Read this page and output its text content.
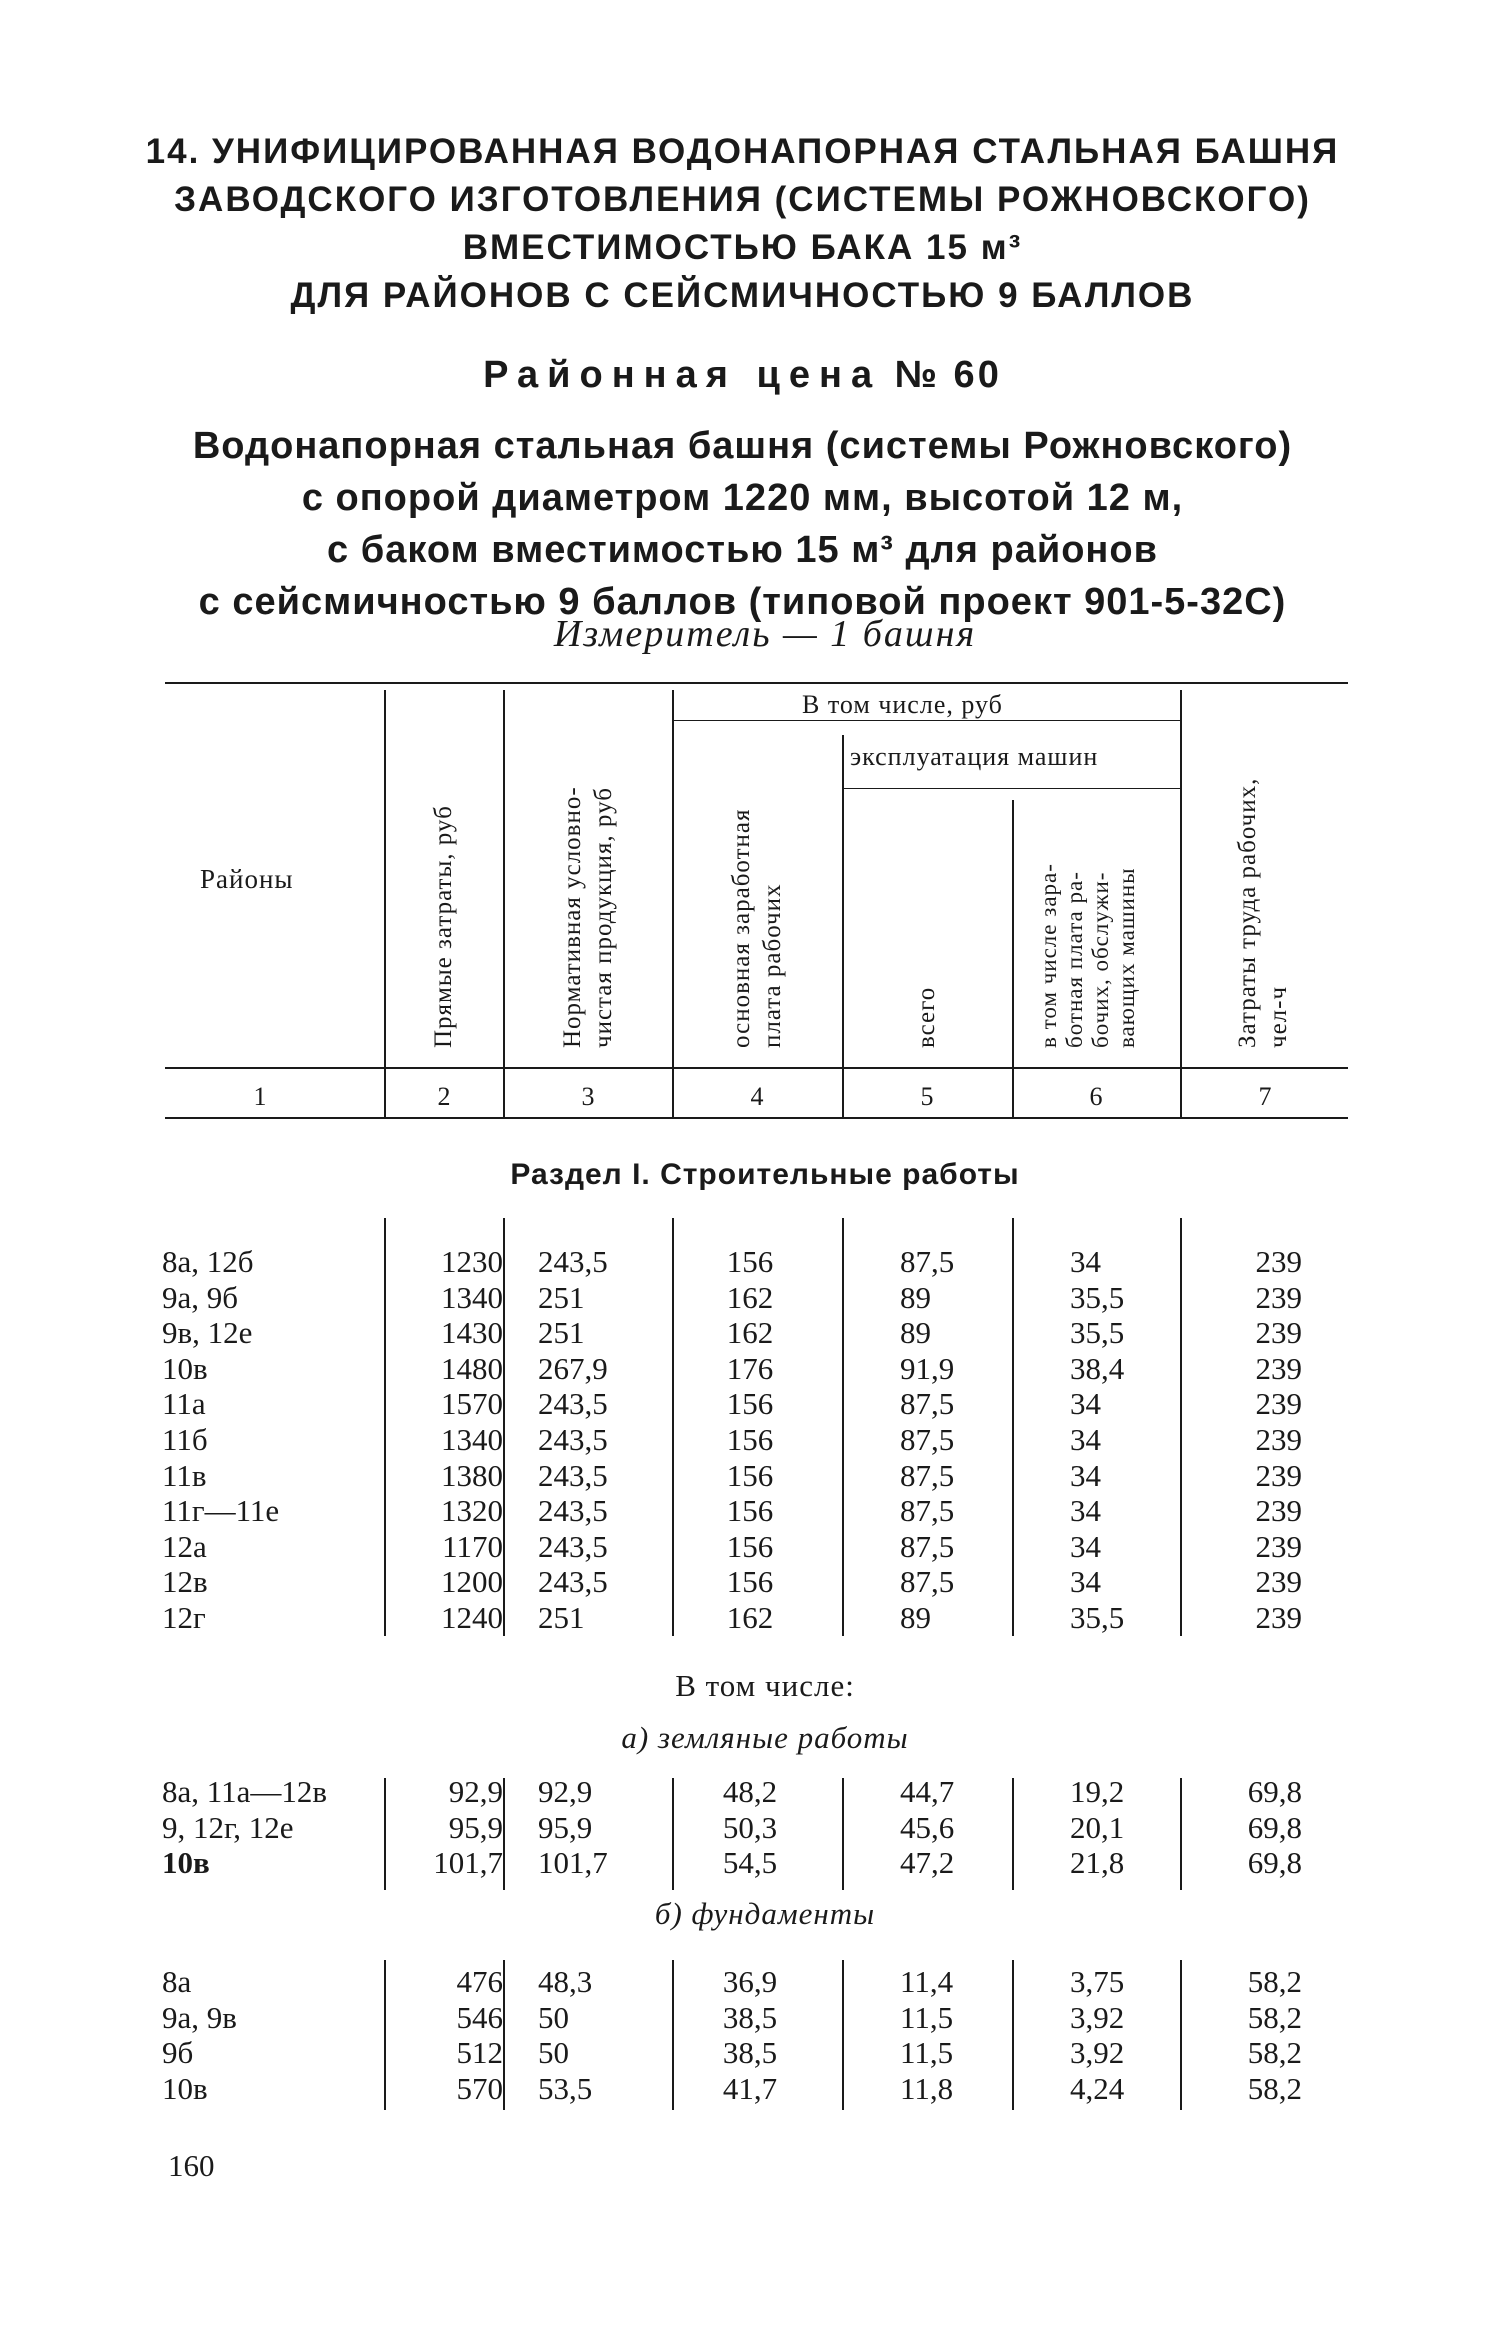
14. УНИФИЦИРОВАННАЯ ВОДОНАПОРНАЯ СТАЛЬНАЯ БАШНЯ
ЗАВОДСКОГО ИЗГОТОВЛЕНИЯ (СИСТЕМЫ РОЖНОВСКОГО)
ВМЕСТИМОСТЬЮ БАКА 15 м³
ДЛЯ РАЙОНОВ С СЕЙСМИЧНОСТЬЮ 9 БАЛЛОВ
Районная цена № 60
Водонапорная стальная башня (системы Рожновского)
с опорой диаметром 1220 мм, высотой 12 м,
с баком вместимостью 15 м³ для районов
с сейсмичностью 9 баллов (типовой проект 901-5-32С)
Измеритель — 1 башня
Районы	Прямые затраты, руб	Нормативная условно- чистая продукция, руб
В том числе, руб
основная заработная плата рабочих
эксплуатация машин
всего	в том числе зара- ботная плата ра- бочих, обслужи- вающих машины	Затраты труда рабочих, чел-ч
1	2	3	4	5	6	7
Раздел I. Строительные работы
8а, 12б	1230 243,5	156	87,5	34	239
9а, 9б	1340 251	162	89	35,5	239
9в, 12е	1430 251	162	89	35,5	239
10в	1480 267,9	176	91,9	38,4	239
11а	1570 243,5	156	87,5	34	239
11б	1340 243,5	156	87,5	34	239
11в	1380 243,5	156	87,5	34	239
11г—11е	1320 243,5	156	87,5	34	239
12а	1170 243,5	156	87,5	34	239
12в	1200 243,5	156	87,5	34	239
12г	1240 251	162	89	35,5	239
В том числе:
а) земляные работы
8а, 11а—12в	92,9 92,9	48,2	44,7	19,2	69,8
9, 12г, 12е	95,9 95,9	50,3	45,6	20,1	69,8
10в	101,7 101,7	54,5	47,2	21,8	69,8
б) фундаменты
8а	476 48,3	36,9	11,4	3,75	58,2
9а, 9в	546 50	38,5	11,5	3,92	58,2
9б	512 50	38,5	11,5	3,92	58,2
10в	570 53,5	41,7	11,8	4,24	58,2
160
